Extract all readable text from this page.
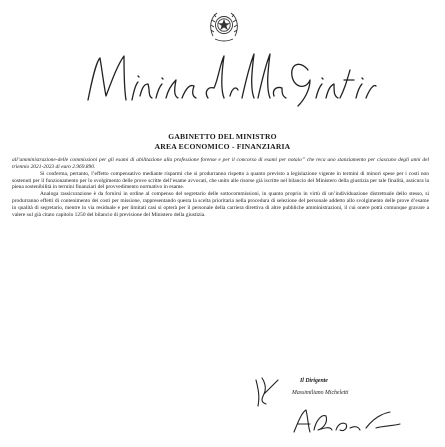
GABINETTO DEL MINISTRO
AREA ECONOMICO - FINANZIARIA

all’amministrazione-delle commissioni per gli esami di abilitazione alla professione forense e per il concorso di esami per notaio” che reca uno stanziamento per ciascuno degli anni del triennio 2021-2023 di euro 2.969.890.

Si conferma, pertanto, l’effetto compensativo mediante risparmi che si produrranno rispetto a quanto previsto a legislazione vigente in termini di minori spese per i costi non sostenuti per il funzionamento per lo svolgimento delle prove scritte dell’esame avvocati, che unito alle risorse già iscritte nel bilancio del Ministero della giustizia per tale finalità, assicura la piena sostenibilità in termini finanziari del provvedimento normativo in esame.

Analoga rassicurazione è da fornirsi in ordine al compenso del segretario delle sottocommissioni, in quanto proprio in virtù di un’individuazione distrettuale dello stesso, si produrranno effetti di contenimento dei costi per missione, rappresentando questa la scelta prioritaria nella procedura di selezione del personale addetto allo svolgimento delle prove d’esame in qualità di segretario, mentre in via residuale e per limitati casi si opterà per il personale della carriera direttiva di altre pubbliche amministrazioni, il cui onere potrà comunque gravare a valere sul già citato capitolo 1250 del bilancio di previsione del Ministero della giustizia.

Il Dirigente
Massimiliano Micheletti
